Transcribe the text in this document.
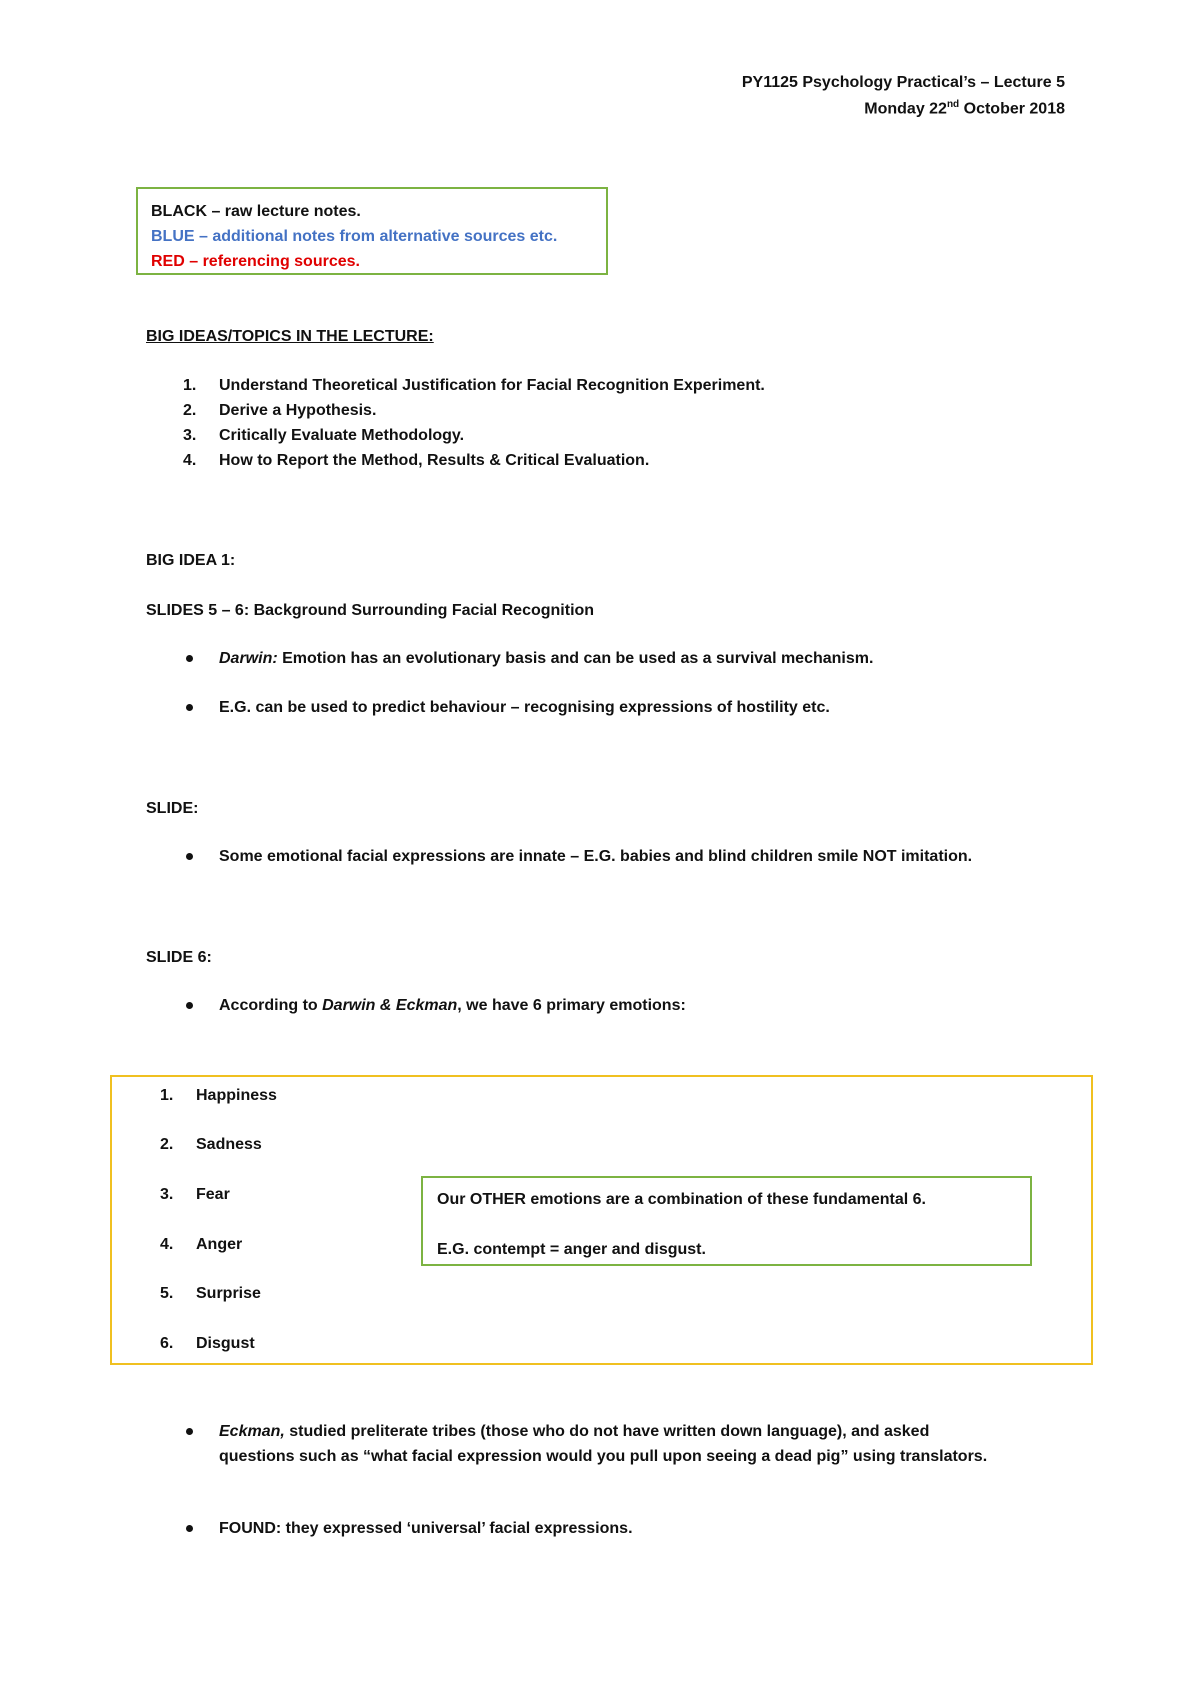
PY1125 Psychology Practical’s – Lecture 5
Monday 22nd October 2018
BLACK – raw lecture notes.
BLUE – additional notes from alternative sources etc.
RED – referencing sources.
BIG IDEAS/TOPICS IN THE LECTURE:
1. Understand Theoretical Justification for Facial Recognition Experiment.
2. Derive a Hypothesis.
3. Critically Evaluate Methodology.
4. How to Report the Method, Results & Critical Evaluation.
BIG IDEA 1:
SLIDES 5 – 6: Background Surrounding Facial Recognition
Darwin: Emotion has an evolutionary basis and can be used as a survival mechanism.
E.G. can be used to predict behaviour – recognising expressions of hostility etc.
SLIDE:
Some emotional facial expressions are innate – E.G. babies and blind children smile NOT imitation.
SLIDE 6:
According to Darwin & Eckman, we have 6 primary emotions:
1. Happiness
2. Sadness
3. Fear
4. Anger
5. Surprise
6. Disgust
Our OTHER emotions are a combination of these fundamental 6.
E.G. contempt = anger and disgust.
Eckman, studied preliterate tribes (those who do not have written down language), and asked
questions such as “what facial expression would you pull upon seeing a dead pig” using translators.
FOUND: they expressed ‘universal’ facial expressions.
